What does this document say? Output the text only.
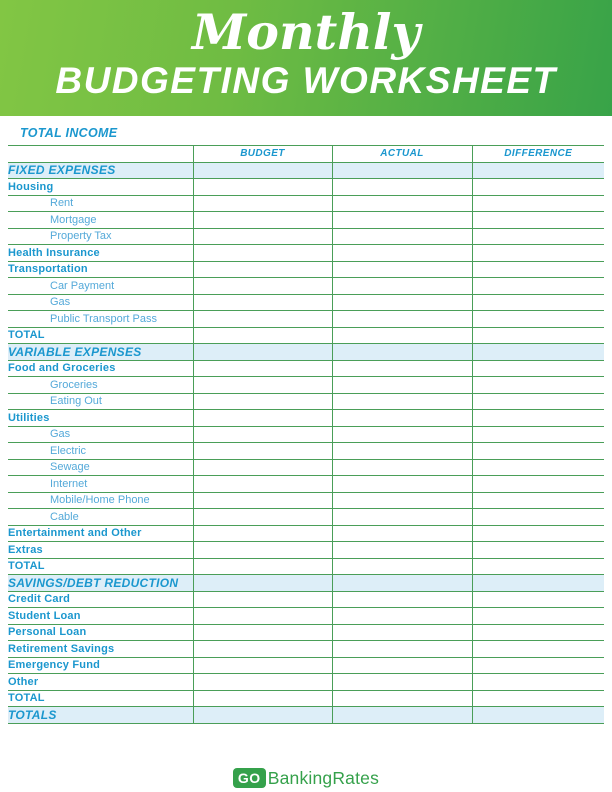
Monthly
BUDGETING WORKSHEET
TOTAL INCOME
	BUDGET	ACTUAL	DIFFERENCE
FIXED EXPENSES			
Housing			
Rent			
Mortgage			
Property Tax			
Health Insurance			
Transportation			
Car Payment			
Gas			
Public Transport Pass			
TOTAL			
VARIABLE EXPENSES			
Food and Groceries			
Groceries			
Eating Out			
Utilities			
Gas			
Electric			
Sewage			
Internet			
Mobile/Home Phone			
Cable			
Entertainment and Other			
Extras			
TOTAL			
SAVINGS/DEBT REDUCTION			
Credit Card			
Student Loan			
Personal Loan			
Retirement Savings			
Emergency Fund			
Other			
TOTAL			
TOTALS			
GO BankingRates
